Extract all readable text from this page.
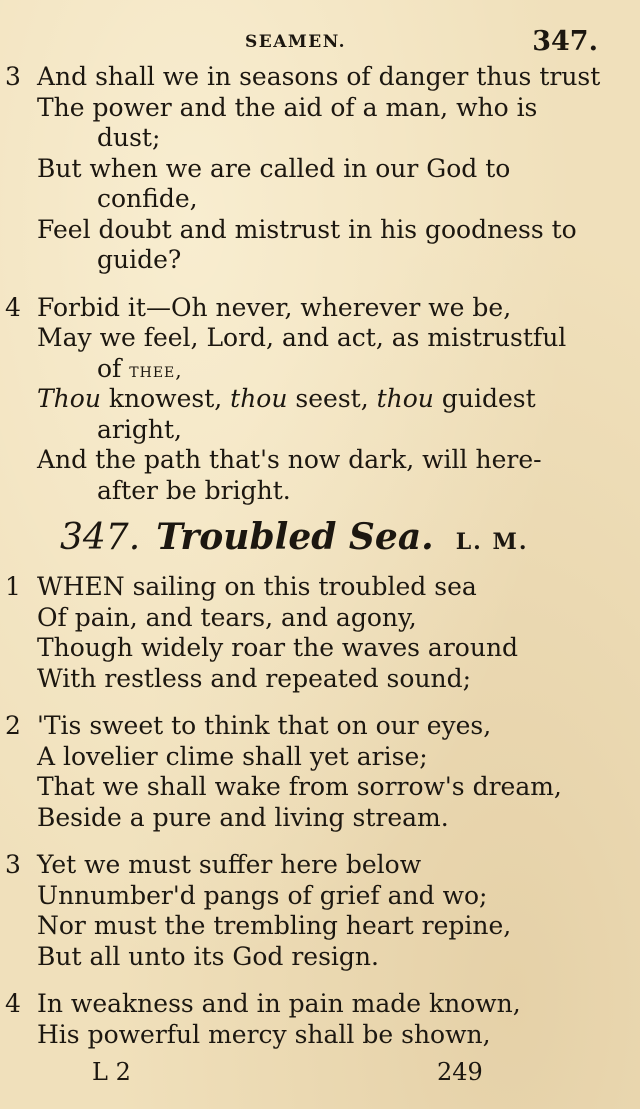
SEAMEN.	347.
3 And shall we in seasons of danger thus trust
The power and the aid of a man, who is
dust;
But when we are called in our God to
confide,
Feel doubt and mistrust in his goodness to
guide?
4 Forbid it—Oh never, wherever we be,
May we feel, Lord, and act, as mistrustful
of thee,
Thou knowest, thou seest, thou guidest
aright,
And the path that's now dark, will here-
after be bright.
347. Troubled Sea. L. M.
1 WHEN sailing on this troubled sea
Of pain, and tears, and agony,
Though widely roar the waves around
With restless and repeated sound;
2 'Tis sweet to think that on our eyes,
A lovelier clime shall yet arise;
That we shall wake from sorrow's dream,
Beside a pure and living stream.
3 Yet we must suffer here below
Unnumber'd pangs of grief and wo;
Nor must the trembling heart repine,
But all unto its God resign.
4 In weakness and in pain made known,
His powerful mercy shall be shown,
L 2	249
